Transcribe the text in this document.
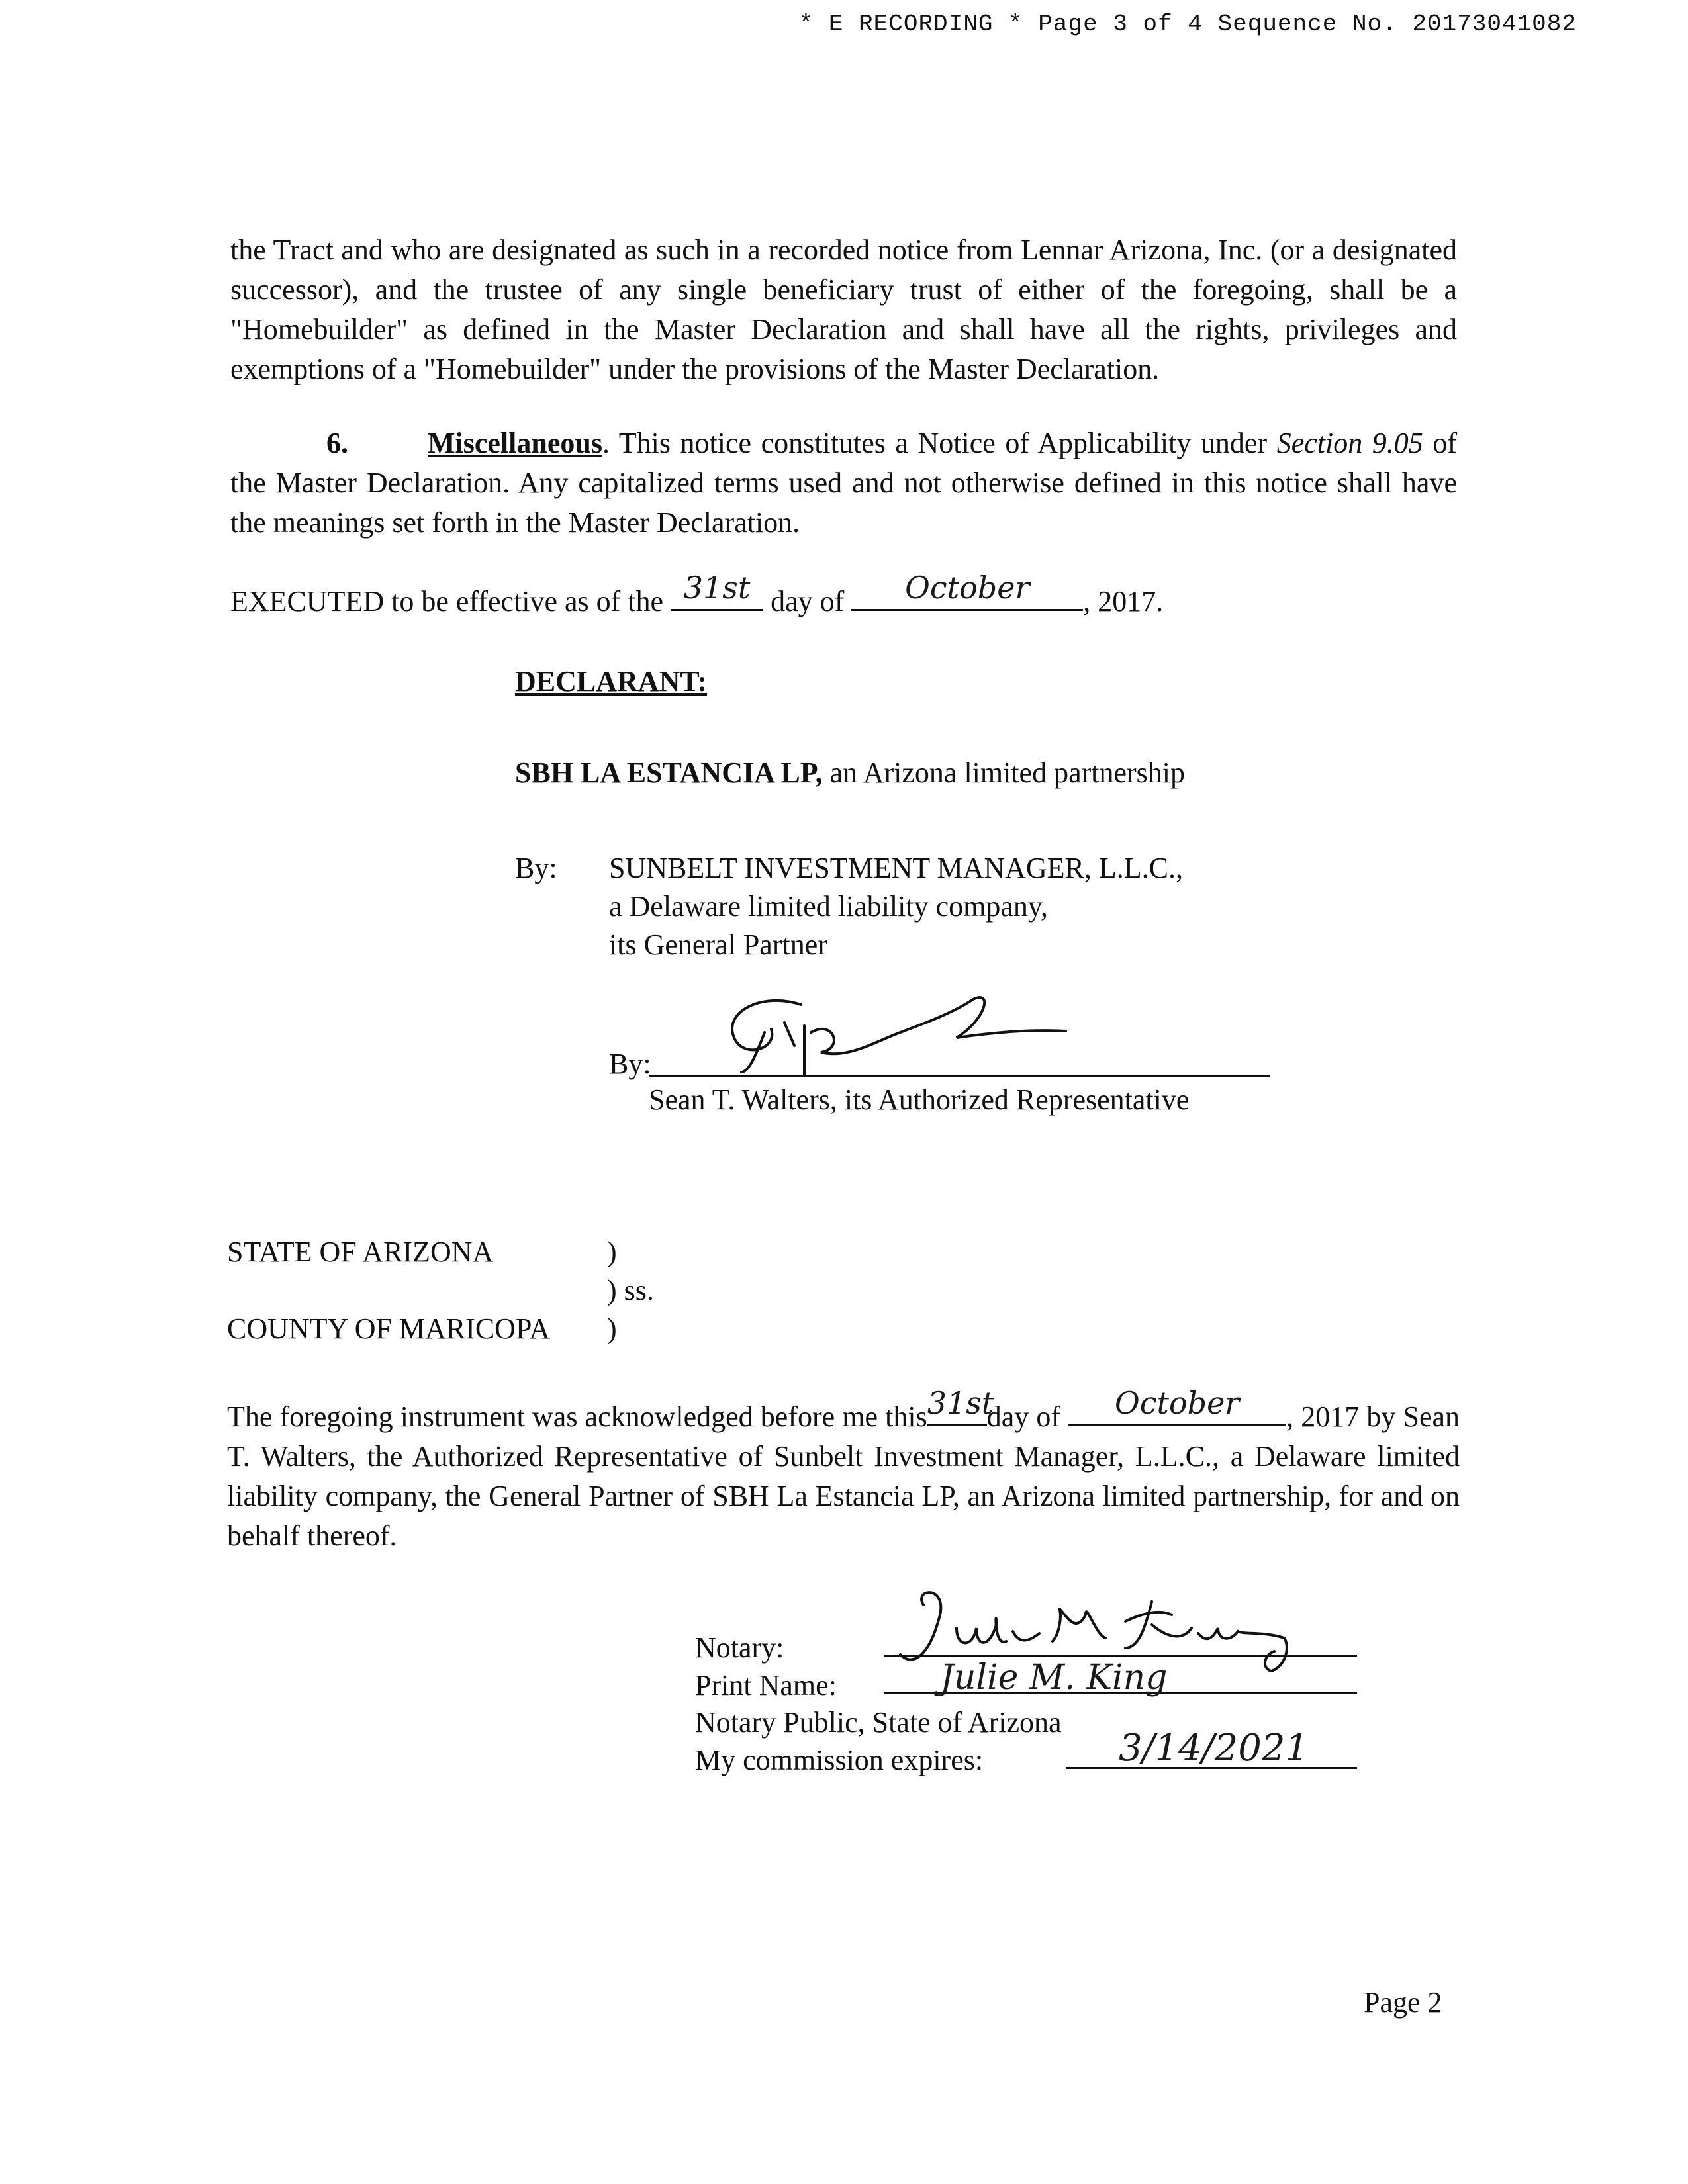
* E RECORDING * Page 3 of 4 Sequence No. 20173041082
the Tract and who are designated as such in a recorded notice from Lennar Arizona, Inc. (or a designated successor), and the trustee of any single beneficiary trust of either of the foregoing, shall be a "Homebuilder" as defined in the Master Declaration and shall have all the rights, privileges and exemptions of a "Homebuilder" under the provisions of the Master Declaration.
6.	Miscellaneous. This notice constitutes a Notice of Applicability under Section 9.05 of the Master Declaration. Any capitalized terms used and not otherwise defined in this notice shall have the meanings set forth in the Master Declaration.
EXECUTED to be effective as of the 31st day of	October	, 2017.
DECLARANT:
SBH LA ESTANCIA LP, an Arizona limited partnership
By: SUNBELT INVESTMENT MANAGER, L.L.C.,
a Delaware limited liability company,
its General Partner
By:
Sean T. Walters, its Authorized Representative
STATE OF ARIZONA	)
) ss.
COUNTY OF MARICOPA )
The foregoing instrument was acknowledged before me this 31st
day of	October	, 2017 by Sean T. Walters, the Authorized Representative of Sunbelt Investment Manager, L.L.C., a Delaware limited liability company, the General Partner of SBH La Estancia LP, an Arizona limited partnership, for and on behalf thereof.
Notary:
Print Name:	Julie M. King
Notary Public, State of Arizona
My commission expires:	3/14/2021
Page 2
